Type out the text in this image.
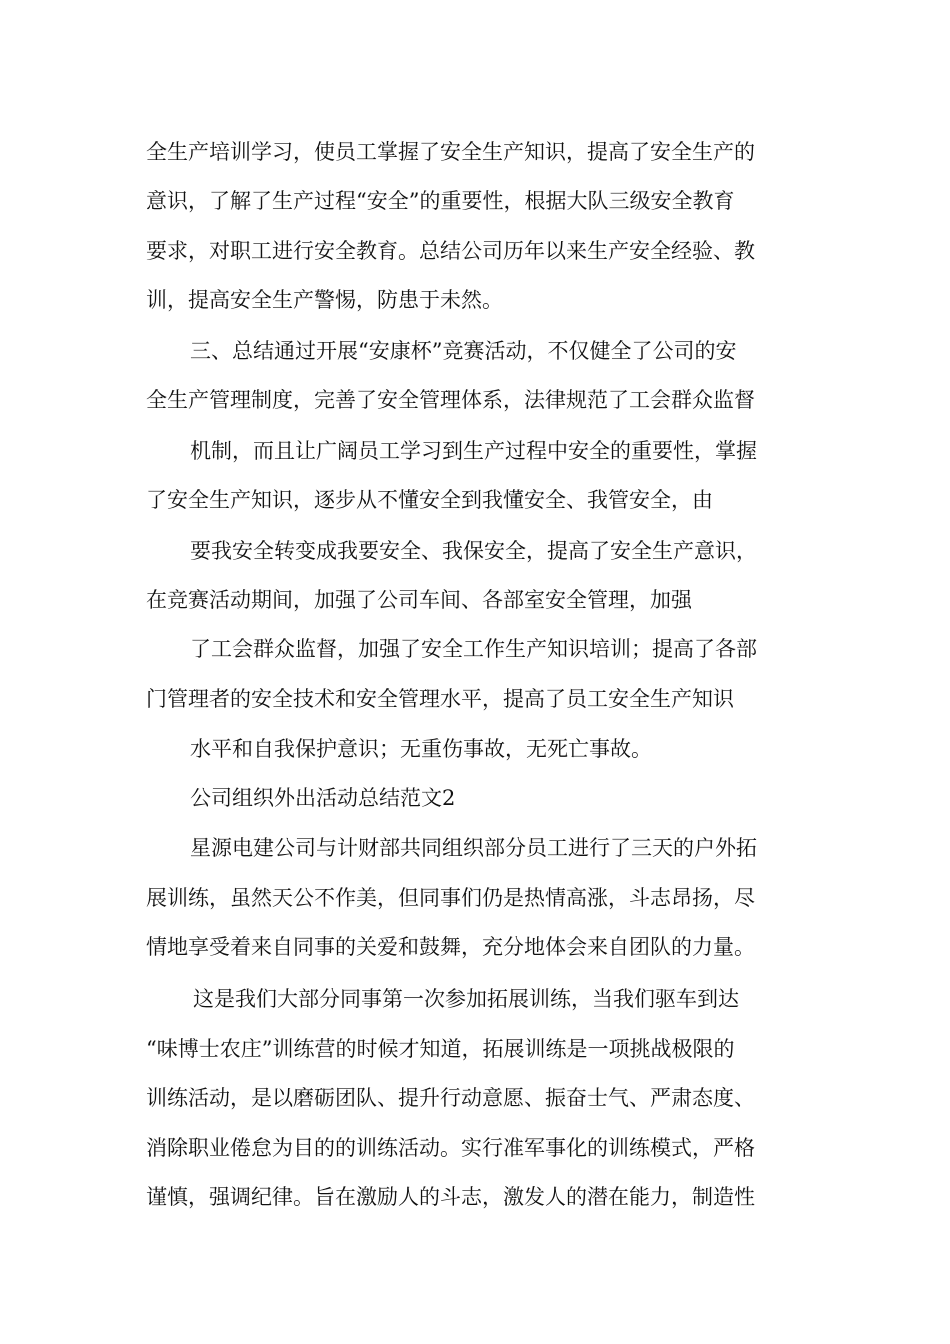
全生产培训学习，使员工掌握了安全生产知识，提高了安全生产的
意识，了解了生产过程“安全”的重要性，根据大队三级安全教育
要求，对职工进行安全教育。总结公司历年以来生产安全经验、教
训，提高安全生产警惕，防患于未然。
三、总结通过开展“安康杯”竞赛活动，不仅健全了公司的安
全生产管理制度，完善了安全管理体系，法律规范了工会群众监督
机制，而且让广阔员工学习到生产过程中安全的重要性，掌握
了安全生产知识，逐步从不懂安全到我懂安全、我管安全，由
要我安全转变成我要安全、我保安全，提高了安全生产意识，
在竞赛活动期间，加强了公司车间、各部室安全管理，加强
了工会群众监督，加强了安全工作生产知识培训；提高了各部
门管理者的安全技术和安全管理水平，提高了员工安全生产知识
水平和自我保护意识；无重伤事故，无死亡事故。
公司组织外出活动总结范文2
星源电建公司与计财部共同组织部分员工进行了三天的户外拓
展训练，虽然天公不作美，但同事们仍是热情高涨，斗志昂扬，尽
情地享受着来自同事的关爱和鼓舞，充分地体会来自团队的力量。
这是我们大部分同事第一次参加拓展训练，当我们驱车到达
“味博士农庄”训练营的时候才知道，拓展训练是一项挑战极限的
训练活动，是以磨砺团队、提升行动意愿、振奋士气、严肃态度、
消除职业倦怠为目的的训练活动。实行准军事化的训练模式，严格
谨慎，强调纪律。旨在激励人的斗志，激发人的潜在能力，制造性
